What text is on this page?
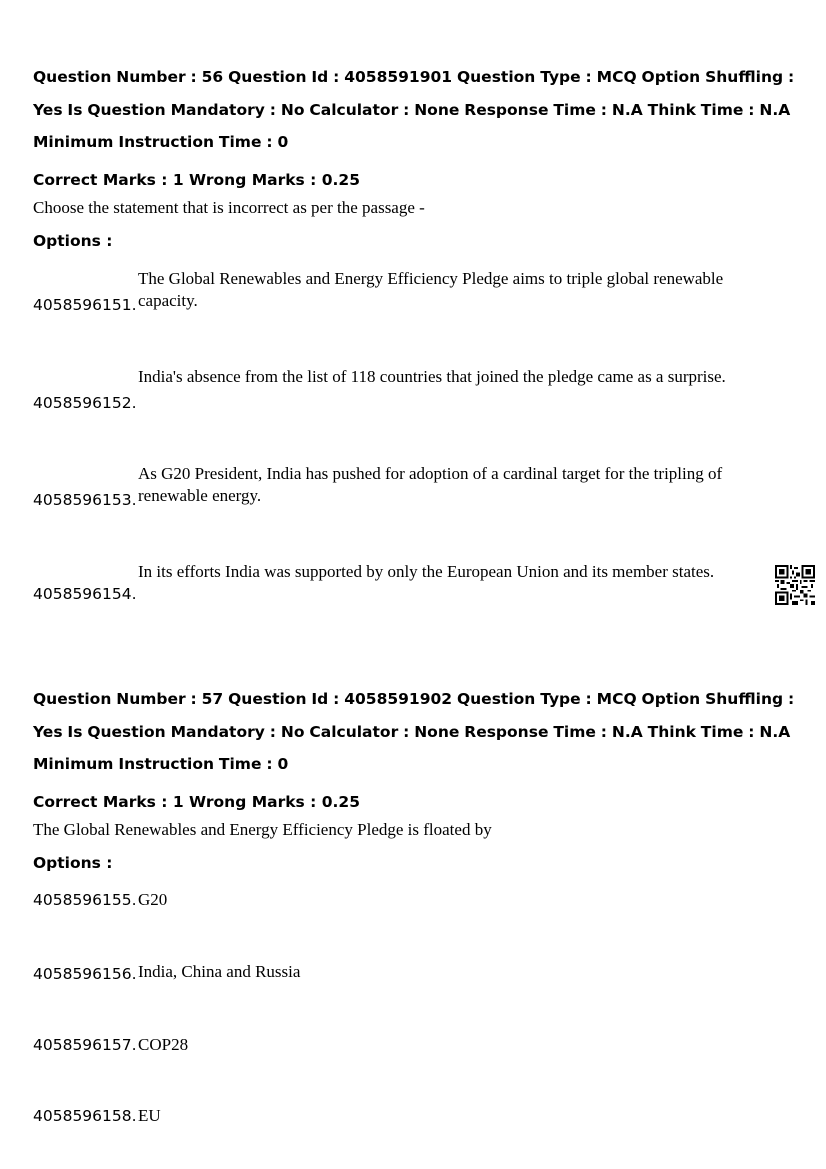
Question Number : 56 Question Id : 4058591901 Question Type : MCQ Option Shuffling : Yes Is Question Mandatory : No Calculator : None Response Time : N.A Think Time : N.A Minimum Instruction Time : 0
Correct Marks : 1 Wrong Marks : 0.25
Choose the statement that is incorrect as per the passage -
Options :
4058596151.
The Global Renewables and Energy Efficiency Pledge aims to triple global renewable capacity.
4058596152.
India's absence from the list of 118 countries that joined the pledge came as a surprise.
4058596153.
As G20 President, India has pushed for adoption of a cardinal target for the tripling of renewable energy.
4058596154.
In its efforts India was supported by only the European Union and its member states.
Question Number : 57 Question Id : 4058591902 Question Type : MCQ Option Shuffling : Yes Is Question Mandatory : No Calculator : None Response Time : N.A Think Time : N.A Minimum Instruction Time : 0
Correct Marks : 1 Wrong Marks : 0.25
The Global Renewables and Energy Efficiency Pledge is floated by
Options :
4058596155. G20
4058596156. India, China and Russia
4058596157. COP28
4058596158. EU
